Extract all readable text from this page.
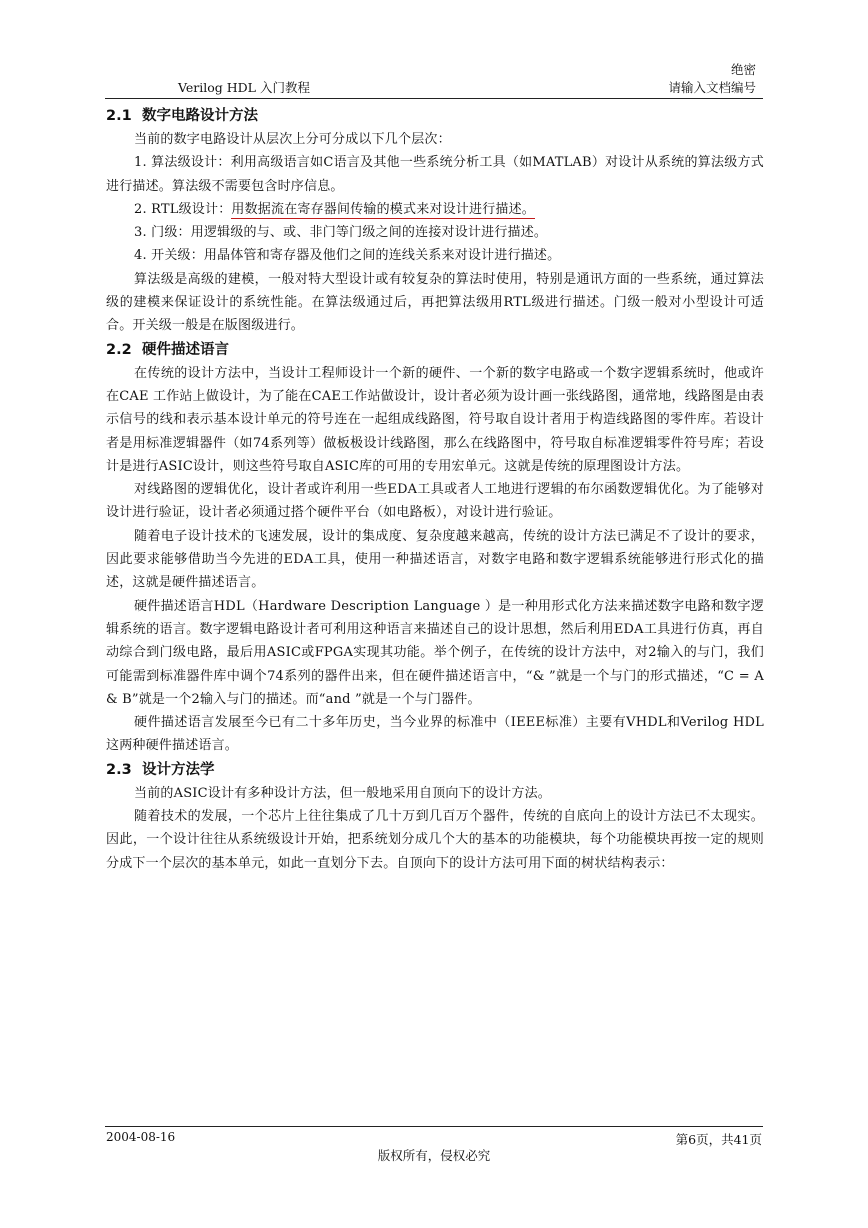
绝密
Verilog HDL 入门教程	请输入文档编号
2.1 数字电路设计方法

当前的数字电路设计从层次上分可分成以下几个层次：

1. 算法级设计：利用高级语言如C语言及其他一些系统分析工具（如MATLAB）对设计从系统的算法级方式进行描述。算法级不需要包含时序信息。

2. RTL级设计：用数据流在寄存器间传输的模式来对设计进行描述。

3. 门级：用逻辑级的与、或、非门等门级之间的连接对设计进行描述。

4. 开关级：用晶体管和寄存器及他们之间的连线关系来对设计进行描述。

算法级是高级的建模，一般对特大型设计或有较复杂的算法时使用，特别是通讯方面的一些系统，通过算法级的建模来保证设计的系统性能。在算法级通过后，再把算法级用RTL级进行描述。门级一般对小型设计可适合。开关级一般是在版图级进行。

2.2 硬件描述语言

在传统的设计方法中，当设计工程师设计一个新的硬件、一个新的数字电路或一个数字逻辑系统时，他或许在CAE 工作站上做设计，为了能在CAE工作站做设计，设计者必须为设计画一张线路图，通常地，线路图是由表示信号的线和表示基本设计单元的符号连在一起组成线路图，符号取自设计者用于构造线路图的零件库。若设计者是用标准逻辑器件（如74系列等）做板极设计线路图，那么在线路图中，符号取自标准逻辑零件符号库；若设计是进行ASIC设计，则这些符号取自ASIC库的可用的专用宏单元。这就是传统的原理图设计方法。

对线路图的逻辑优化，设计者或许利用一些EDA工具或者人工地进行逻辑的布尔函数逻辑优化。为了能够对设计进行验证，设计者必须通过搭个硬件平台（如电路板），对设计进行验证。

随着电子设计技术的飞速发展，设计的集成度、复杂度越来越高，传统的设计方法已满足不了设计的要求，因此要求能够借助当今先进的EDA工具，使用一种描述语言，对数字电路和数字逻辑系统能够进行形式化的描述，这就是硬件描述语言。

硬件描述语言HDL（Hardware Description Language ）是一种用形式化方法来描述数字电路和数字逻辑系统的语言。数字逻辑电路设计者可利用这种语言来描述自己的设计思想，然后利用EDA工具进行仿真，再自动综合到门级电路，最后用ASIC或FPGA实现其功能。举个例子，在传统的设计方法中，对2输入的与门，我们可能需到标准器件库中调个74系列的器件出来，但在硬件描述语言中，“& ”就是一个与门的形式描述，“C = A & B”就是一个2输入与门的描述。而“and ”就是一个与门器件。

硬件描述语言发展至今已有二十多年历史，当今业界的标准中（IEEE标准）主要有VHDL和Verilog HDL 这两种硬件描述语言。

2.3 设计方法学

当前的ASIC设计有多种设计方法，但一般地采用自顶向下的设计方法。

随着技术的发展，一个芯片上往往集成了几十万到几百万个器件，传统的自底向上的设计方法已不太现实。因此，一个设计往往从系统级设计开始，把系统划分成几个大的基本的功能模块，每个功能模块再按一定的规则分成下一个层次的基本单元，如此一直划分下去。自顶向下的设计方法可用下面的树状结构表示：

2004-08-16	第6页，共41页
版权所有，侵权必究
